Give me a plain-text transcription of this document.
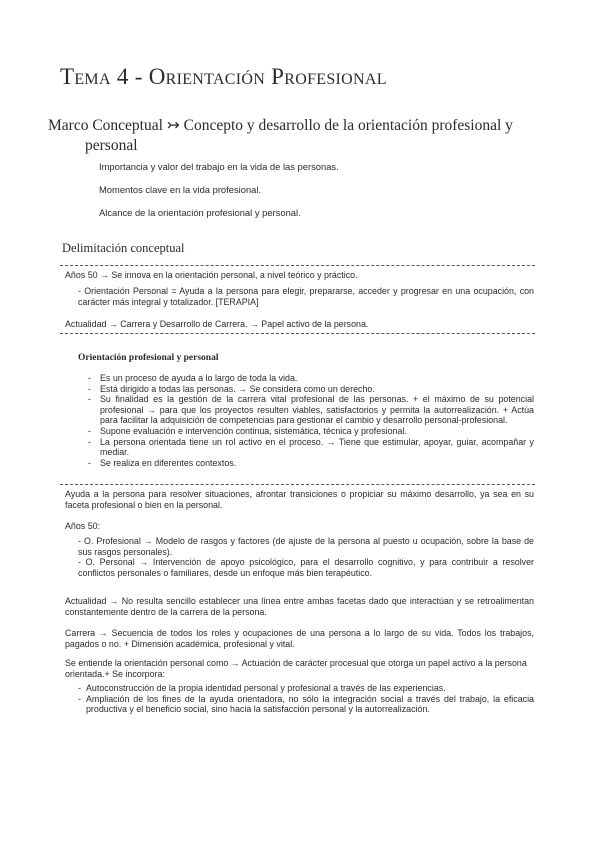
Tema 4 - Orientación Profesional
Marco Conceptual ↣ Concepto y desarrollo de la orientación profesional y
personal
Importancia y valor del trabajo en la vida de las personas.
Momentos clave en la vida profesional.
Alcance de la orientación profesional y personal.
Delimitación conceptual
Años 50 → Se innova en la orientación personal, a nivel teórico y práctico.
- Orientación Personal = Ayuda a la persona para elegir, prepararse, acceder y progresar en una ocupación, con carácter más integral y totalizador. [TERAPIA]
Actualidad → Carrera y Desarrollo de Carrera. → Papel activo de la persona.
Orientación profesional y personal
- Es un proceso de ayuda a lo largo de toda la vida.
- Está dirigido a todas las personas. → Se considera como un derecho.
- Su finalidad es la gestión de la carrera vital profesional de las personas. + el máximo de su potencial profesional → para que los proyectos resulten viables, satisfactorios y permita la autorrealización. + Actúa para facilitar la adquisición de competencias para gestionar el cambio y desarrollo personal-profesional.
- Supone evaluación e intervención continua, sistemática, técnica y profesional.
- La persona orientada tiene un rol activo en el proceso. → Tiene que estimular, apoyar, guiar, acompañar y mediar.
- Se realiza en diferentes contextos.
Ayuda a la persona para resolver situaciones, afrontar transiciones o propiciar su máximo desarrollo, ya sea en su faceta profesional o bien en la personal.
Años 50:
- O. Profesional → Modelo de rasgos y factores (de ajuste de la persona al puesto u ocupación, sobre la base de sus rasgos personales).
- O. Personal → Intervención de apoyo psicológico, para el desarrollo cognitivo, y para contribuir a resolver conflictos personales o familiares, desde un enfoque más bien terapéutico.
Actualidad → No resulta sencillo establecer una línea entre ambas facetas dado que interactúan y se retroalimentan constantemente dentro de la carrera de la persona.
Carrera → Secuencia de todos los roles y ocupaciones de una persona a lo largo de su vida. Todos los trabajos, pagados o no. + Dimensión académica, profesional y vital.
Se entiende la orientación personal como → Actuación de carácter procesual que otorga un papel activo a la persona orientada.+ Se incorpora:

- Autoconstrucción de la propia identidad personal y profesional a través de las experiencias.

- Ampliación de los fines de la ayuda orientadora, no sólo la integración social a través del trabajo, la eficacia productiva y el beneficio social, sino hacia la satisfacción personal y la autorrealización.
